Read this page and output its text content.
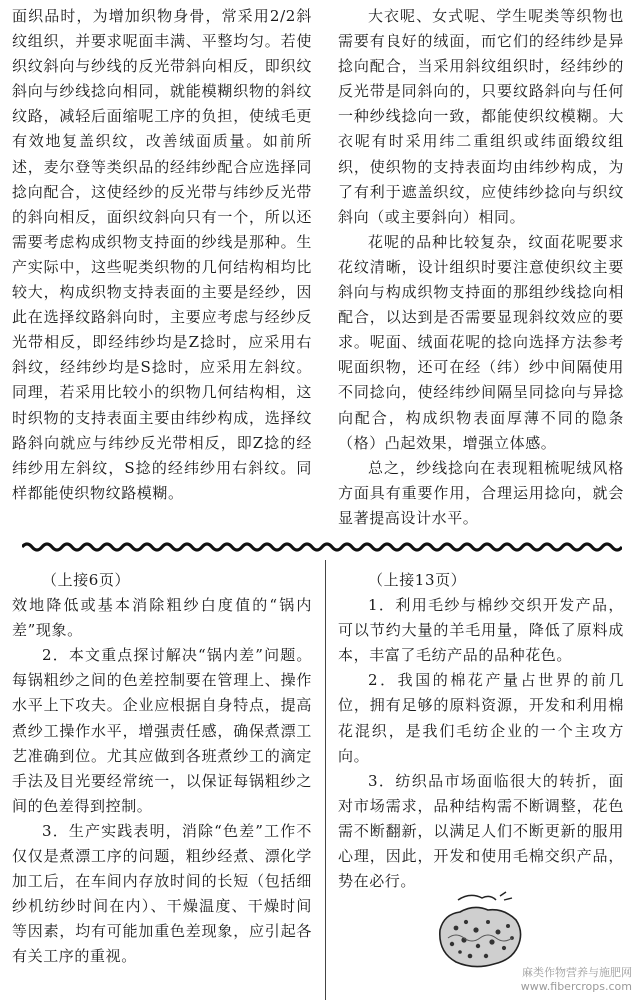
面织品时，为增加织物身骨，常采用2/2斜纹组织，并要求呢面丰满、平整均匀。若使织纹斜向与纱线的反光带斜向相反，即织纹斜向与纱线捻向相同，就能模糊织物的斜纹纹路，减轻后面缩呢工序的负担，使绒毛更有效地复盖织纹，改善绒面质量。如前所述，麦尔登等类织品的经纬纱配合应选择同捻向配合，这使经纱的反光带与纬纱反光带的斜向相反，面织纹斜向只有一个，所以还需要考虑构成织物支持面的纱线是那种。生产实际中，这些呢类织物的几何结构相均比较大，构成织物支持表面的主要是经纱，因此在选择纹路斜向时，主要应考虑与经纱反光带相反，即经纬纱均是Z捻时，应采用右斜纹，经纬纱均是S捻时，应采用左斜纹。同理，若采用比较小的织物几何结构相，这时织物的支持表面主要由纬纱构成，选择纹路斜向就应与纬纱反光带相反，即Z捻的经纬纱用左斜纹，S捻的经纬纱用右斜纹。同样都能使织物纹路模糊。

大衣呢、女式呢、学生呢类等织物也需要有良好的绒面，而它们的经纬纱是异捻向配合，当采用斜纹组织时，经纬纱的反光带是同斜向的，只要纹路斜向与任何一种纱线捻向一致，都能使织纹模糊。大衣呢有时采用纬二重组织或纬面缎纹组织，使织物的支持表面均由纬纱构成，为了有利于遮盖织纹，应使纬纱捻向与织纹斜向（或主要斜向）相同。

花呢的品种比较复杂，纹面花呢要求花纹清晰，设计组织时要注意使织纹主要斜向与构成织物支持面的那组纱线捻向相配合，以达到是否需要显现斜纹效应的要求。呢面、绒面花呢的捻向选择方法参考呢面织物，还可在经（纬）纱中间隔使用不同捻向，使经纬纱间隔呈同捻向与异捻向配合，构成织物表面厚薄不同的隐条（格）凸起效果，增强立体感。

总之，纱线捻向在表现粗梳呢绒风格方面具有重要作用，合理运用捻向，就会显著提高设计水平。

（上接6页）

效地降低或基本消除粗纱白度值的“锅内差”现象。

2．本文重点探讨解决“锅内差”问题。每锅粗纱之间的色差控制要在管理上、操作水平上下攻夫。企业应根据自身特点，提高煮纱工操作水平，增强责任感，确保煮漂工艺准确到位。尤其应做到各班煮纱工的滴定手法及目光要经常统一，以保证每锅粗纱之间的色差得到控制。

3．生产实践表明，消除“色差”工作不仅仅是煮漂工序的问题，粗纱经煮、漂化学加工后，在车间内存放时间的长短（包括细纱机纺纱时间在内）、干燥温度、干燥时间等因素，均有可能加重色差现象，应引起各有关工序的重视。

（上接13页）

1．利用毛纱与棉纱交织开发产品，可以节约大量的羊毛用量，降低了原料成本，丰富了毛纺产品的品种花色。

2．我国的棉花产量占世界的前几位，拥有足够的原料资源，开发和利用棉花混织，是我们毛纺企业的一个主攻方向。

3．纺织品市场面临很大的转折，面对市场需求，品种结构需不断调整，花色需不断翻新，以满足人们不断更新的服用心理，因此，开发和使用毛棉交织产品，势在必行。

麻类作物营养与施肥网
www.fibercrops.com
